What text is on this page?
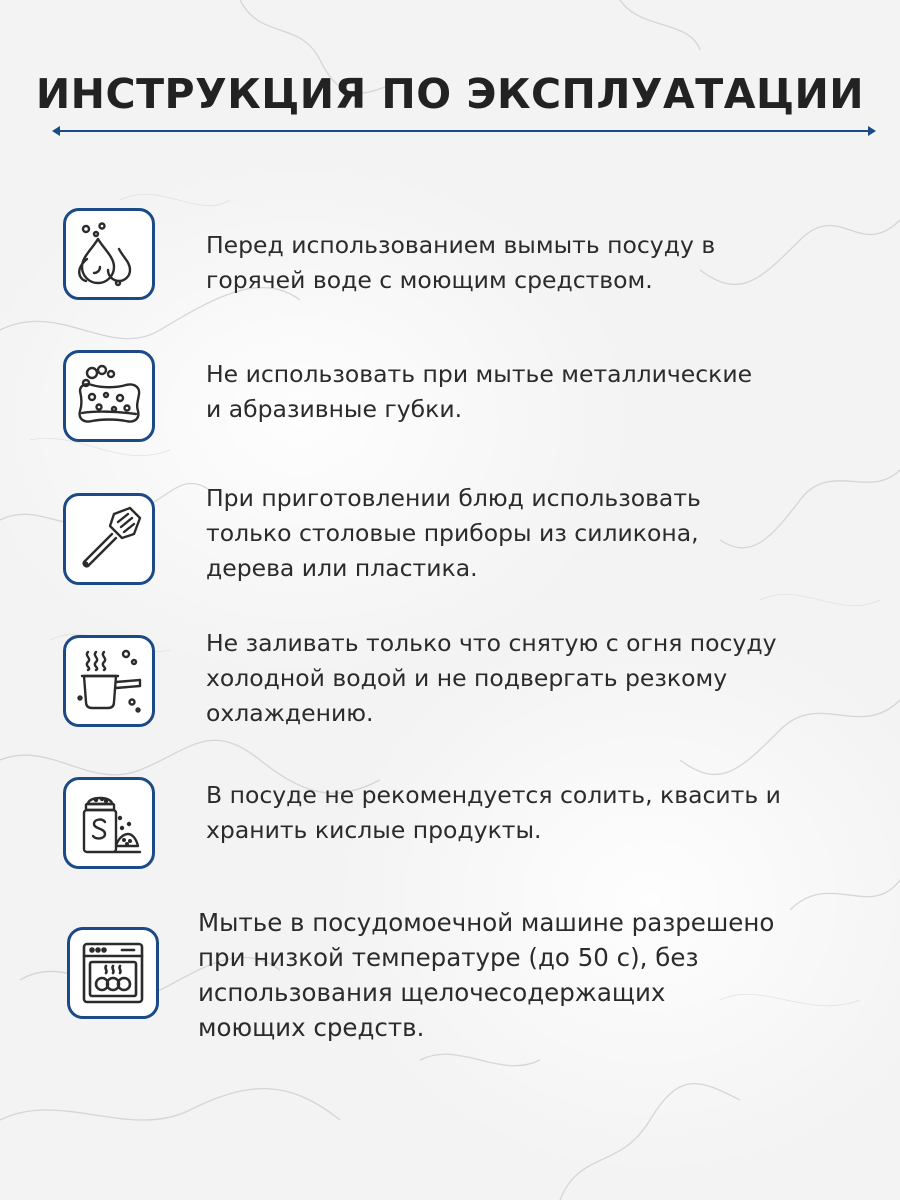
ИНСТРУКЦИЯ ПО ЭКСПЛУАТАЦИИ

Перед использованием вымыть посуду в
горячей воде с моющим средством.

Не использовать при мытье металлические
и абразивные губки.

При приготовлении блюд использовать
только столовые приборы из силикона,
дерева или пластика.

Не заливать только что снятую с огня посуду
холодной водой и не подвергать резкому
охлаждению.

В посуде не рекомендуется солить, квасить и
хранить кислые продукты.

Мытье в посудомоечной машине разрешено
при низкой температуре (до 50 с), без
использования щелочесодержащих
моющих средств.
